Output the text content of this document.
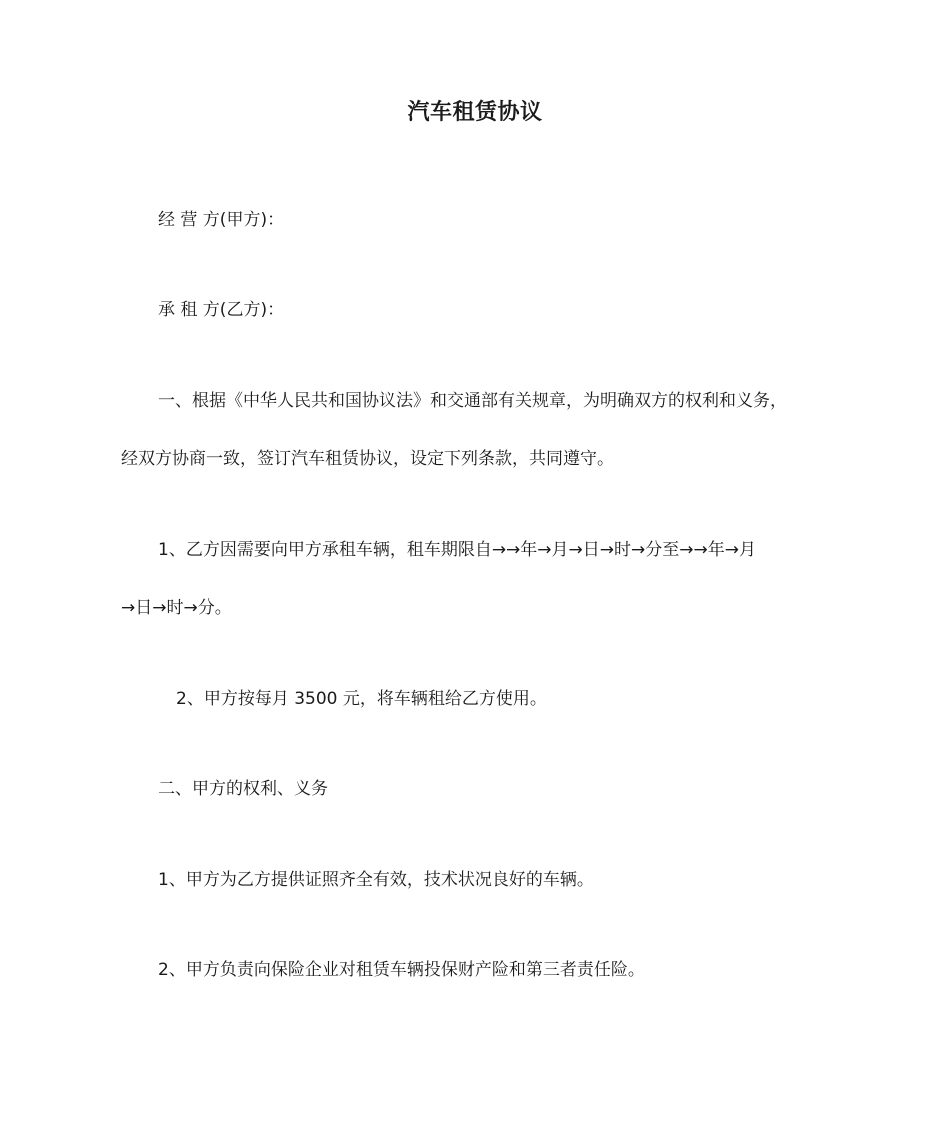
汽车租赁协议
经 营 方(甲方)：
承 租 方(乙方)：
一、根据《中华人民共和国协议法》和交通部有关规章，为明确双方的权利和义务，
经双方协商一致，签订汽车租赁协议，设定下列条款，共同遵守。
1、乙方因需要向甲方承租车辆，租车期限自→→年→月→日→时→分至→→年→月
→日→时→分。
2、甲方按每月 3500 元，将车辆租给乙方使用。
二、甲方的权利、义务
1、甲方为乙方提供证照齐全有效，技术状况良好的车辆。
2、甲方负责向保险企业对租赁车辆投保财产险和第三者责任险。
